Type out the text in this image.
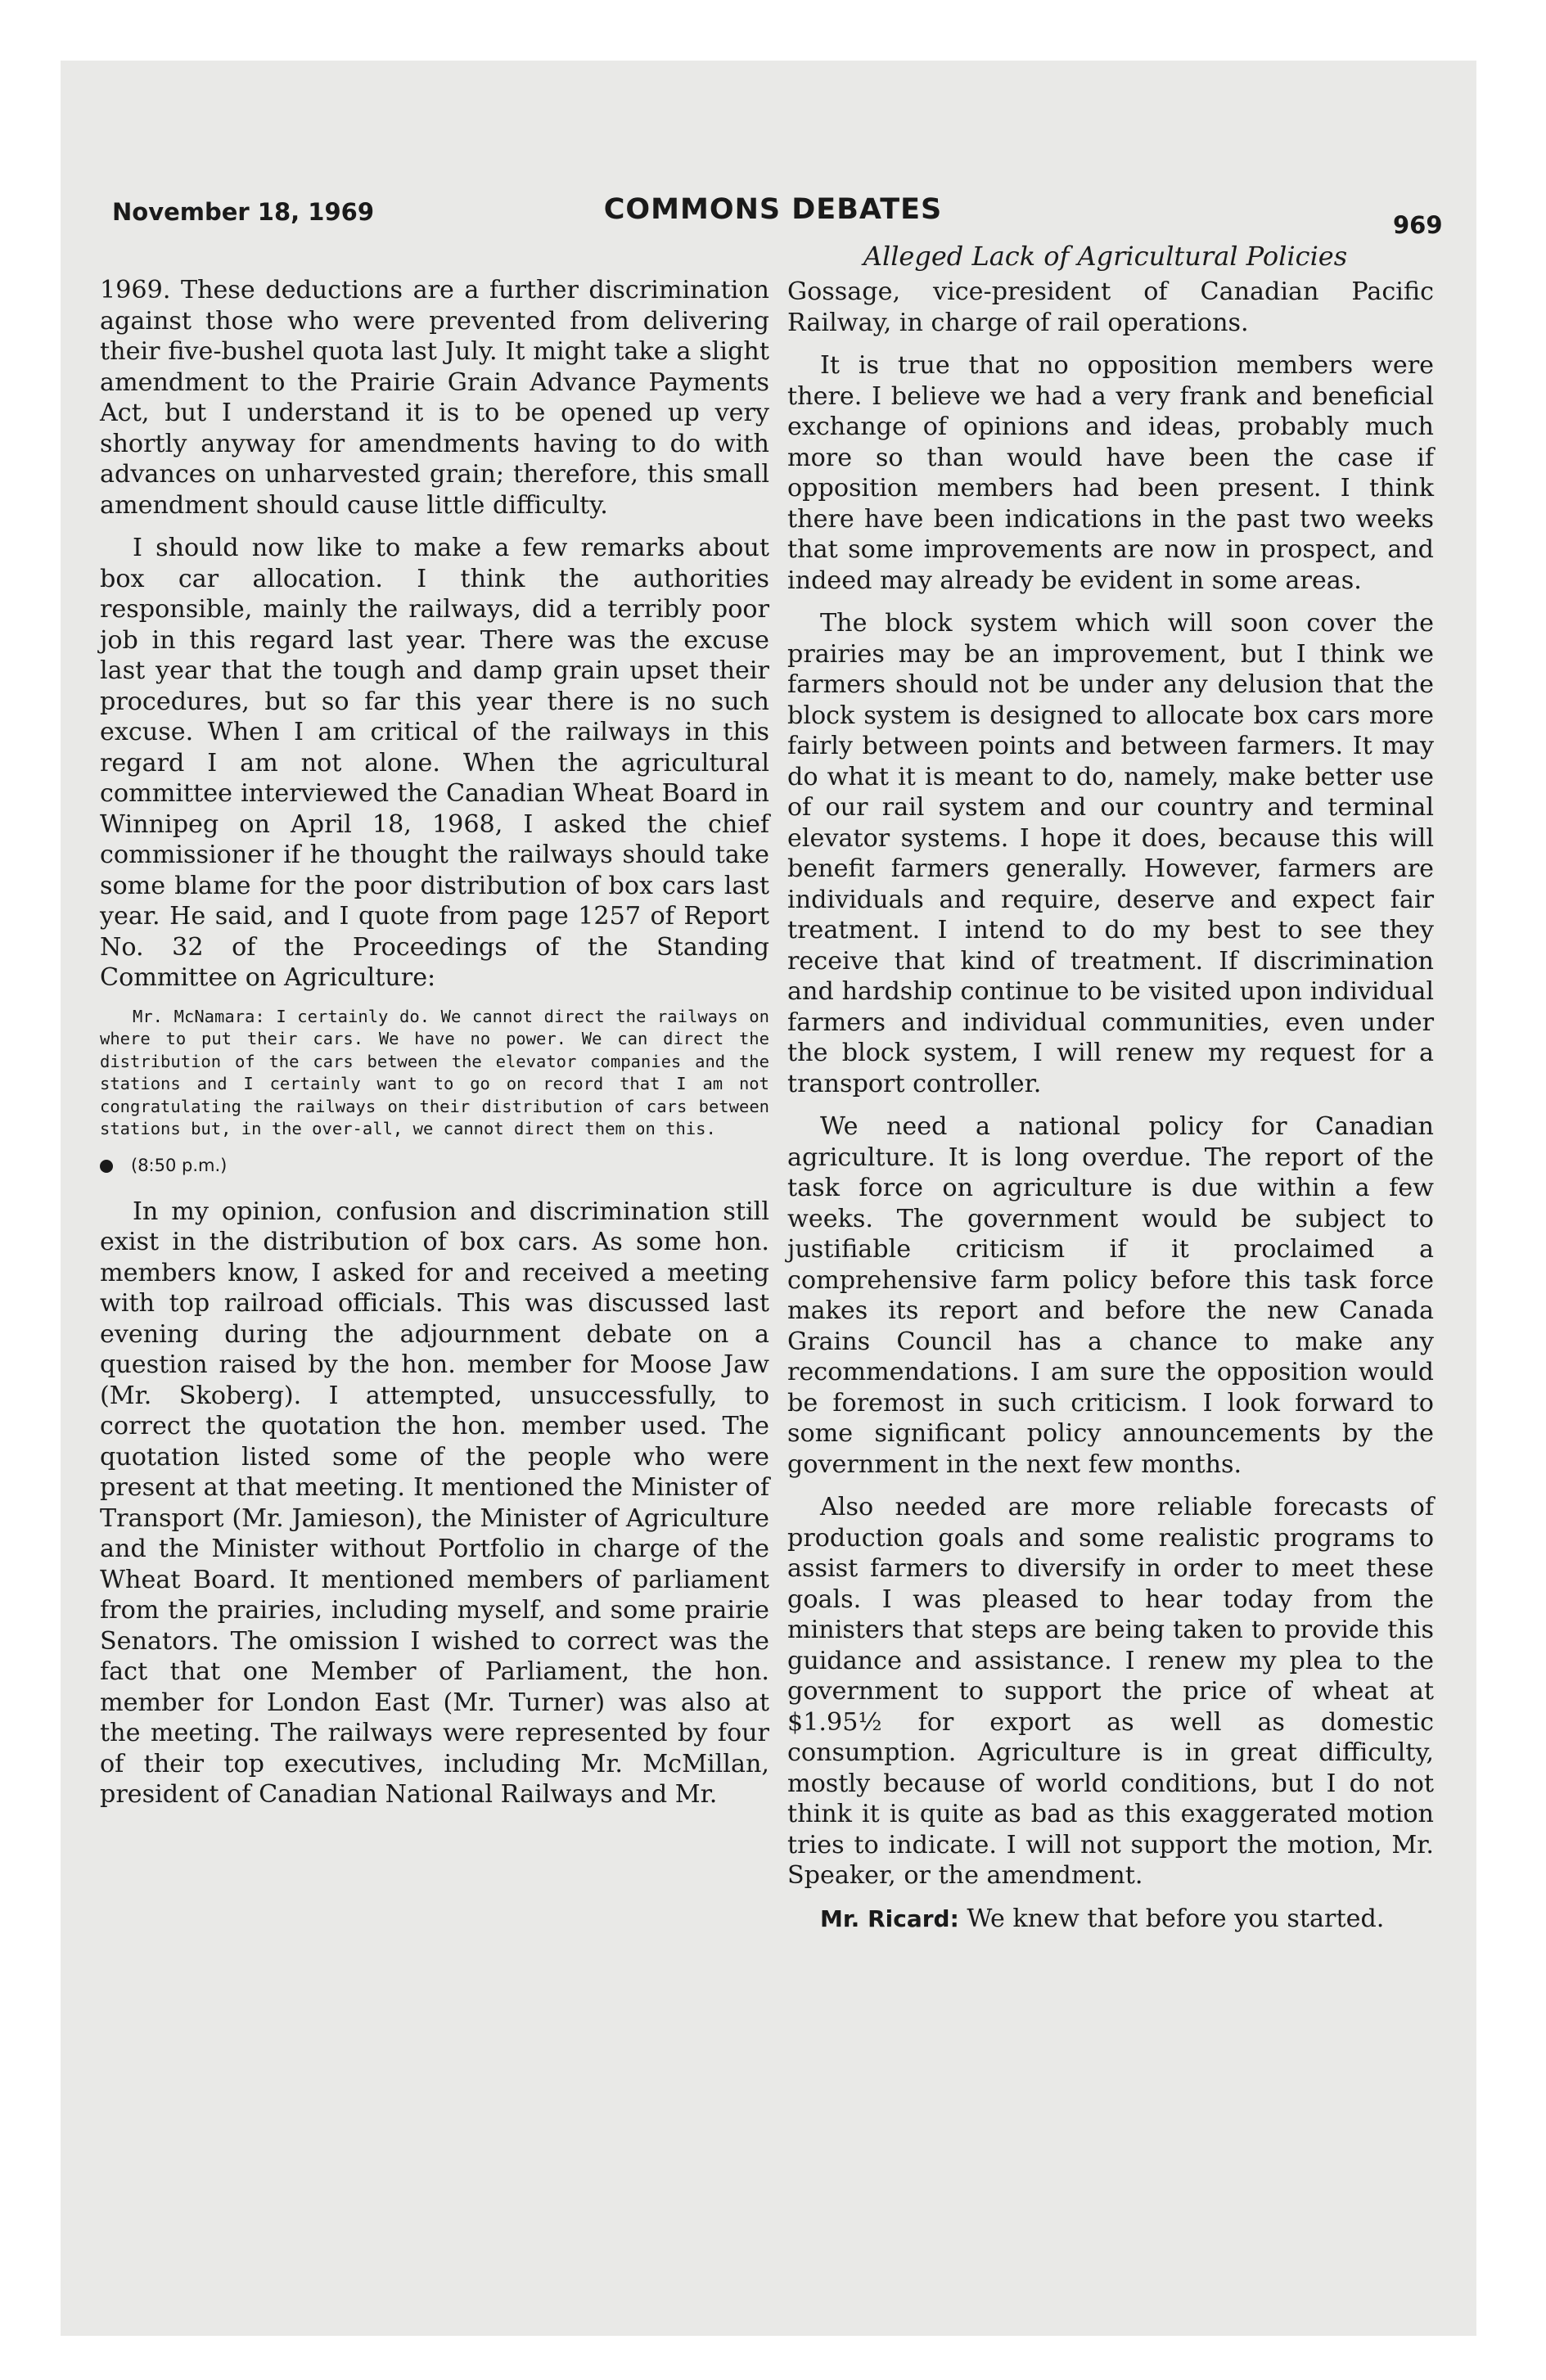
November 18, 1969	COMMONS DEBATES	969
Alleged Lack of Agricultural Policies

1969. These deductions are a further discrimination against those who were prevented from delivering their five-bushel quota last July. It might take a slight amendment to the Prairie Grain Advance Payments Act, but I understand it is to be opened up very shortly anyway for amendments having to do with advances on unharvested grain; therefore, this small amendment should cause little difficulty.

I should now like to make a few remarks about box car allocation. I think the authorities responsible, mainly the railways, did a terribly poor job in this regard last year. There was the excuse last year that the tough and damp grain upset their procedures, but so far this year there is no such excuse. When I am critical of the railways in this regard I am not alone. When the agricultural committee interviewed the Canadian Wheat Board in Winnipeg on April 18, 1968, I asked the chief commissioner if he thought the railways should take some blame for the poor distribution of box cars last year. He said, and I quote from page 1257 of Report No. 32 of the Proceedings of the Standing Committee on Agriculture:

Mr. McNamara: I certainly do. We cannot direct the railways on where to put their cars. We have no power. We can direct the distribution of the cars between the elevator companies and the stations and I certainly want to go on record that I am not congratulating the railways on their distribution of cars between stations but, in the over-all, we cannot direct them on this.

(8:50 p.m.)

In my opinion, confusion and discrimination still exist in the distribution of box cars. As some hon. members know, I asked for and received a meeting with top railroad officials. This was discussed last evening during the adjournment debate on a question raised by the hon. member for Moose Jaw (Mr. Skoberg). I attempted, unsuccessfully, to correct the quotation the hon. member used. The quotation listed some of the people who were present at that meeting. It mentioned the Minister of Transport (Mr. Jamieson), the Minister of Agriculture and the Minister without Portfolio in charge of the Wheat Board. It mentioned members of parliament from the prairies, including myself, and some prairie Senators. The omission I wished to correct was the fact that one Member of Parliament, the hon. member for London East (Mr. Turner) was also at the meeting. The railways were represented by four of their top executives, including Mr. McMillan, president of Canadian National Railways and Mr.

Gossage, vice-president of Canadian Pacific Railway, in charge of rail operations.

It is true that no opposition members were there. I believe we had a very frank and beneficial exchange of opinions and ideas, probably much more so than would have been the case if opposition members had been present. I think there have been indications in the past two weeks that some improvements are now in prospect, and indeed may already be evident in some areas.

The block system which will soon cover the prairies may be an improvement, but I think we farmers should not be under any delusion that the block system is designed to allocate box cars more fairly between points and between farmers. It may do what it is meant to do, namely, make better use of our rail system and our country and terminal elevator systems. I hope it does, because this will benefit farmers generally. However, farmers are individuals and require, deserve and expect fair treatment. I intend to do my best to see they receive that kind of treatment. If discrimination and hardship continue to be visited upon individual farmers and individual communities, even under the block system, I will renew my request for a transport controller.

We need a national policy for Canadian agriculture. It is long overdue. The report of the task force on agriculture is due within a few weeks. The government would be subject to justifiable criticism if it proclaimed a comprehensive farm policy before this task force makes its report and before the new Canada Grains Council has a chance to make any recommendations. I am sure the opposition would be foremost in such criticism. I look forward to some significant policy announcements by the government in the next few months.

Also needed are more reliable forecasts of production goals and some realistic programs to assist farmers to diversify in order to meet these goals. I was pleased to hear today from the ministers that steps are being taken to provide this guidance and assistance. I renew my plea to the government to support the price of wheat at $1.95½ for export as well as domestic consumption. Agriculture is in great difficulty, mostly because of world conditions, but I do not think it is quite as bad as this exaggerated motion tries to indicate. I will not support the motion, Mr. Speaker, or the amendment.

Mr. Ricard: We knew that before you started.
